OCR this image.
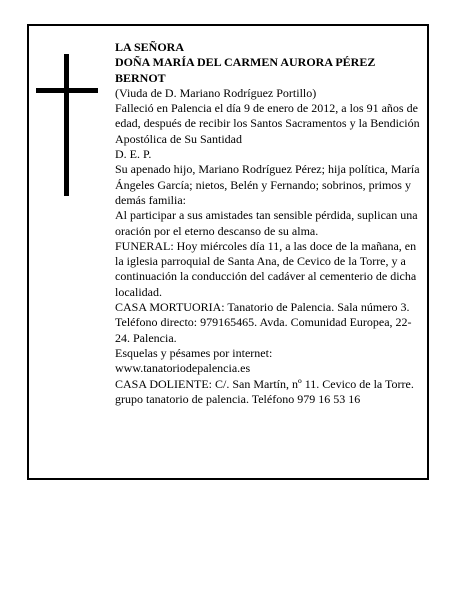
LA SEÑORA

DOÑA MARÍA DEL CARMEN AURORA PÉREZ BERNOT

(Viuda de D. Mariano Rodríguez Portillo)

Falleció en Palencia el día 9 de enero de 2012, a los 91 años de edad, después de recibir los Santos Sacramentos y la Bendición Apostólica de Su Santidad

D. E. P.

Su apenado hijo, Mariano Rodríguez Pérez; hija política, María Ángeles García; nietos, Belén y Fernando; sobrinos, primos y demás familia:

Al participar a sus amistades tan sensible pérdida, suplican una oración por el eterno descanso de su alma.

FUNERAL: Hoy miércoles día 11, a las doce de la mañana, en la iglesia parroquial de Santa Ana, de Cevico de la Torre, y a continuación la conducción del cadáver al cementerio de dicha localidad.

CASA MORTUORIA: Tanatorio de Palencia. Sala número 3. Teléfono directo: 979165465. Avda. Comunidad Europea, 22-24. Palencia.

Esquelas y pésames por internet:

www.tanatoriodepalencia.es

CASA DOLIENTE: C/. San Martín, nº 11. Cevico de la Torre.

grupo tanatorio de palencia. Teléfono 979 16 53 16
